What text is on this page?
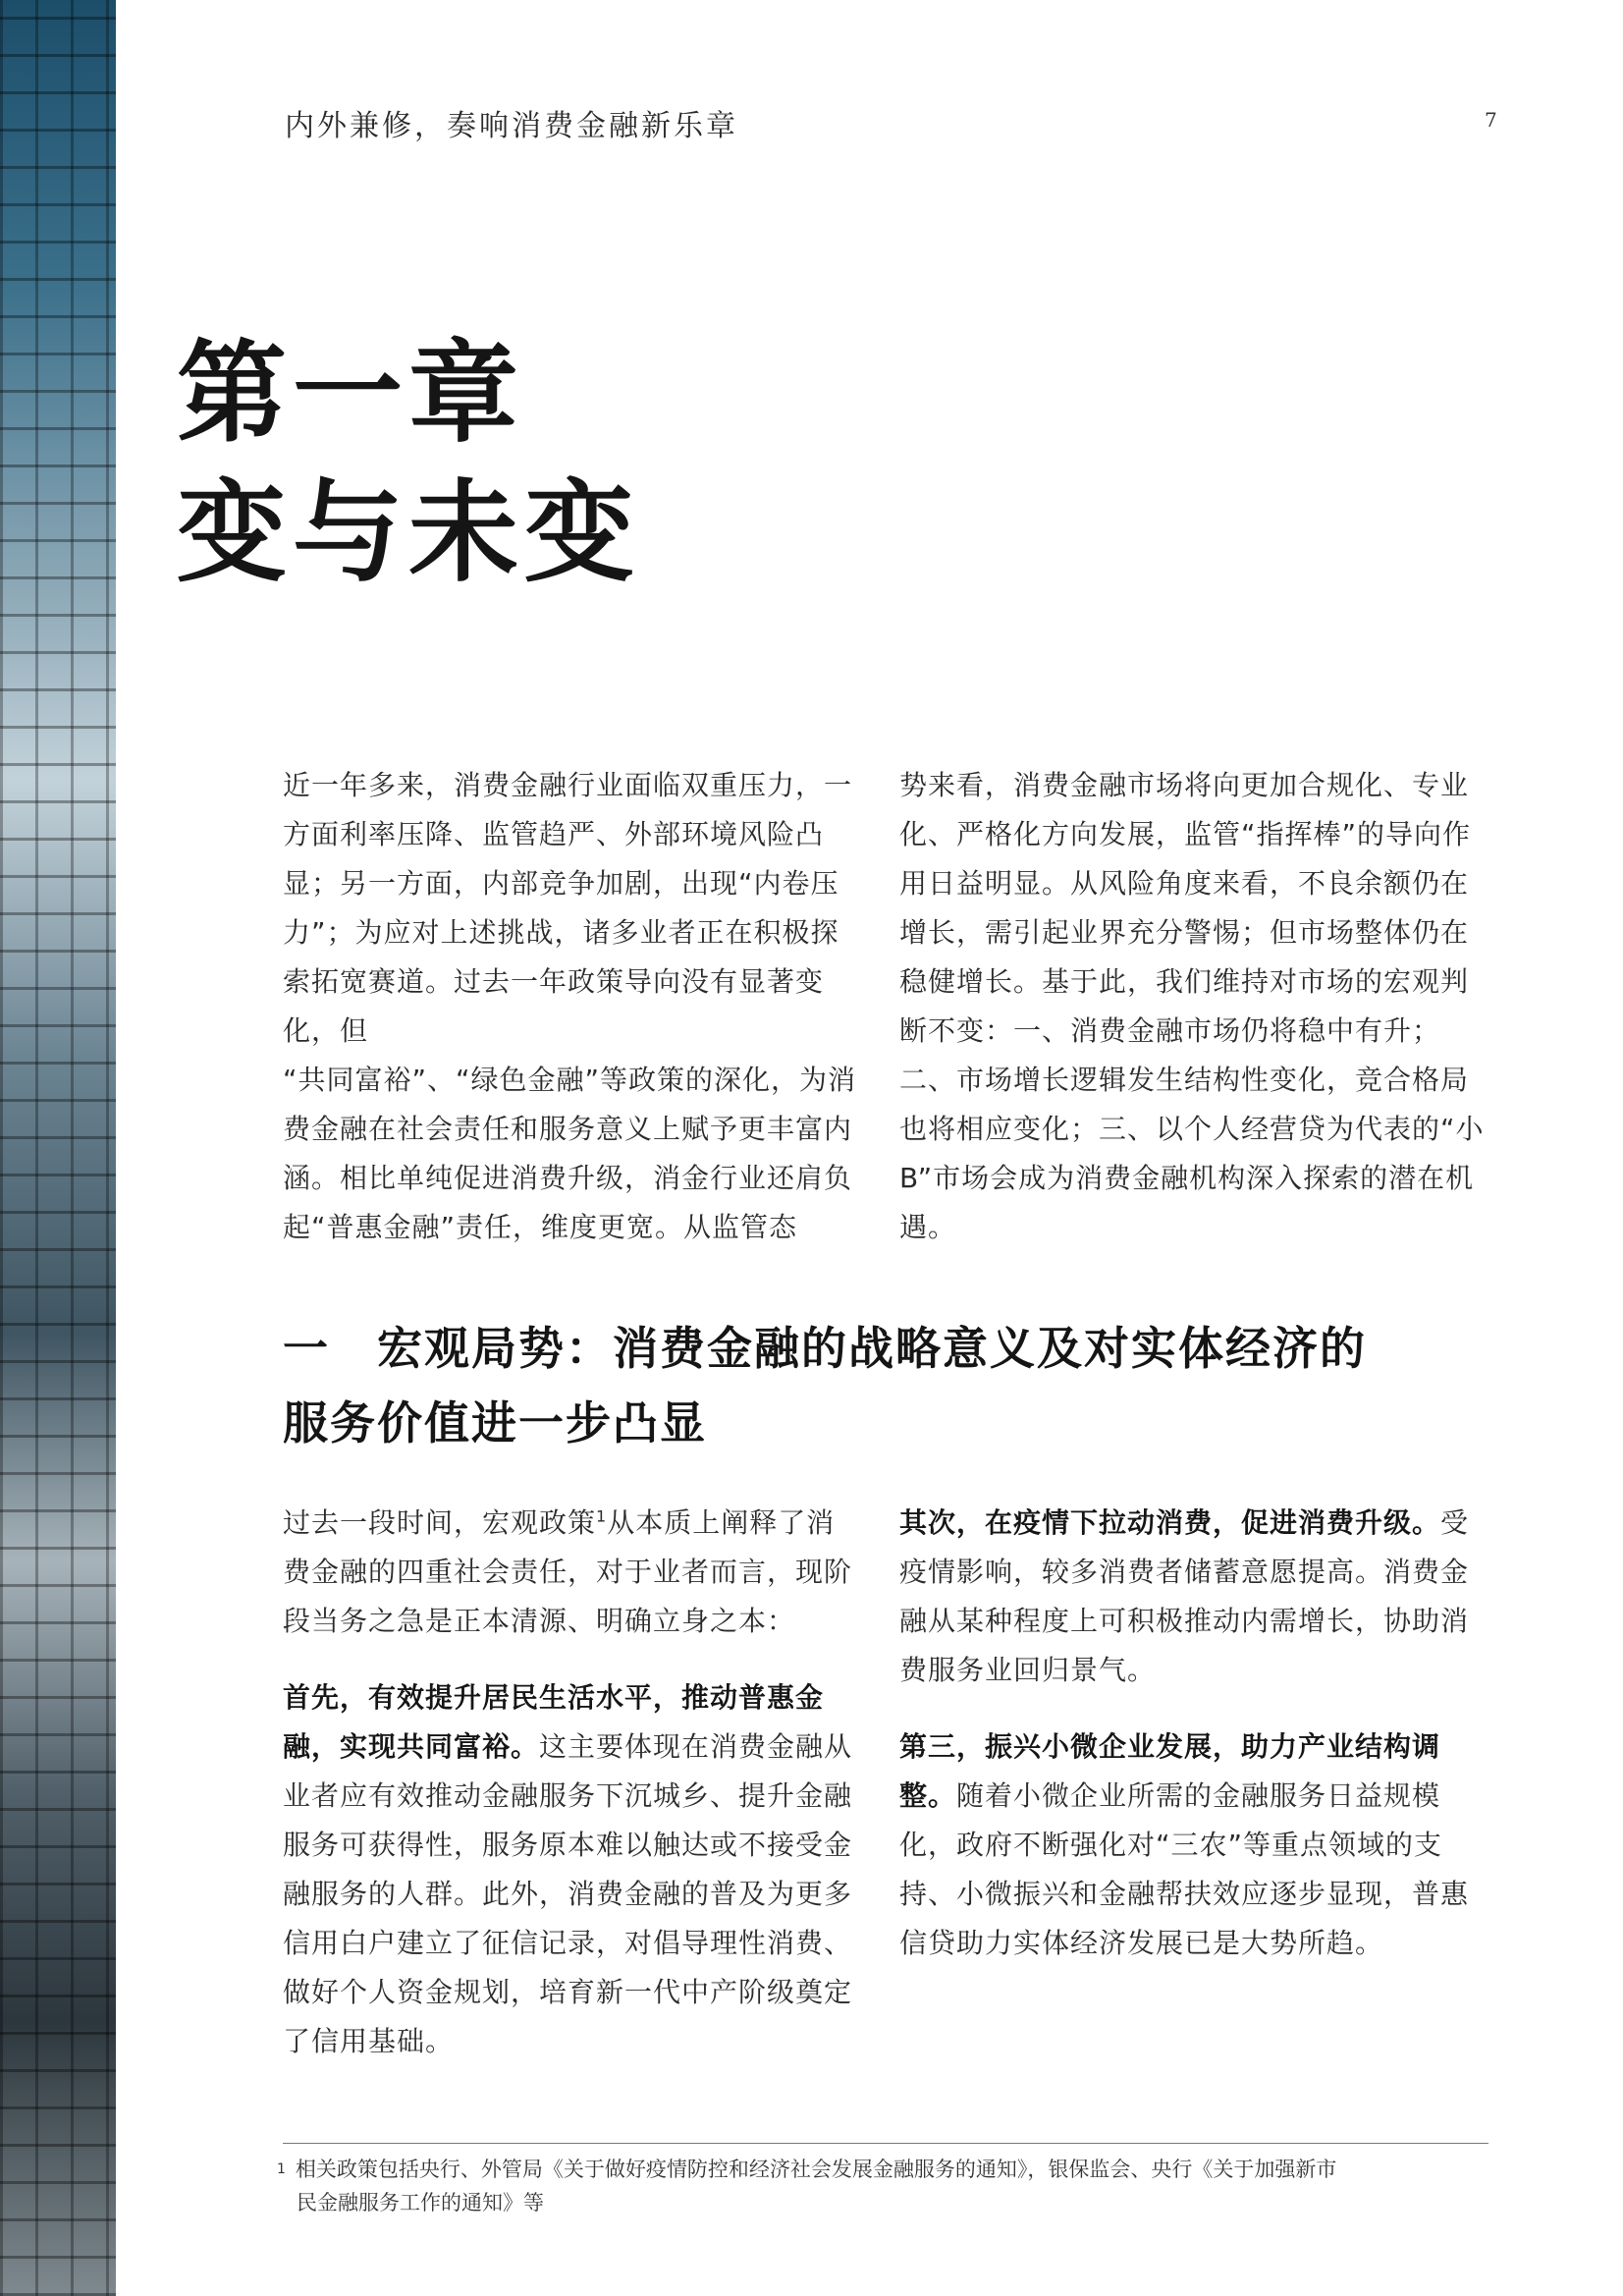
内外兼修，奏响消费金融新乐章	7
第一章
变与未变

近一年多来，消费金融行业面临双重压力，一方面利率压降、监管趋严、外部环境风险凸显；另一方面，内部竞争加剧，出现“内卷压力”；为应对上述挑战，诸多业者正在积极探索拓宽赛道。过去一年政策导向没有显著变化，但

“共同富裕”、“绿色金融”等政策的深化，为消费金融在社会责任和服务意义上赋予更丰富内涵。相比单纯促进消费升级，消金行业还肩负起“普惠金融”责任，维度更宽。从监管态

势来看，消费金融市场将向更加合规化、专业化、严格化方向发展，监管“指挥棒”的导向作用日益明显。从风险角度来看，不良余额仍在增长，需引起业界充分警惕；但市场整体仍在稳健增长。基于此，我们维持对市场的宏观判断不变：一、消费金融市场仍将稳中有升；二、市场增长逻辑发生结构性变化，竞合格局也将相应变化；三、以个人经营贷为代表的“小B”市场会成为消费金融机构深入探索的潜在机遇。

一　宏观局势：消费金融的战略意义及对实体经济的
服务价值进一步凸显

过去一段时间，宏观政策$^1$从本质上阐释了消费金融的四重社会责任，对于业者而言，现阶段当务之急是正本清源、明确立身之本：

首先，有效提升居民生活水平，推动普惠金融，实现共同富裕。这主要体现在消费金融从业者应有效推动金融服务下沉城乡、提升金融服务可获得性，服务原本难以触达或不接受金融服务的人群。此外，消费金融的普及为更多信用白户建立了征信记录，对倡导理性消费、做好个人资金规划，培育新一代中产阶级奠定了信用基础。

其次，在疫情下拉动消费，促进消费升级。受疫情影响，较多消费者储蓄意愿提高。消费金融从某种程度上可积极推动内需增长，协助消费服务业回归景气。

第三，振兴小微企业发展，助力产业结构调整。随着小微企业所需的金融服务日益规模化，政府不断强化对“三农”等重点领域的支持、小微振兴和金融帮扶效应逐步显现，普惠信贷助力实体经济发展已是大势所趋。

$^1$ 相关政策包括央行、外管局《关于做好疫情防控和经济社会发展金融服务的通知》，银保监会、央行《关于加强新市
民金融服务工作的通知》等
